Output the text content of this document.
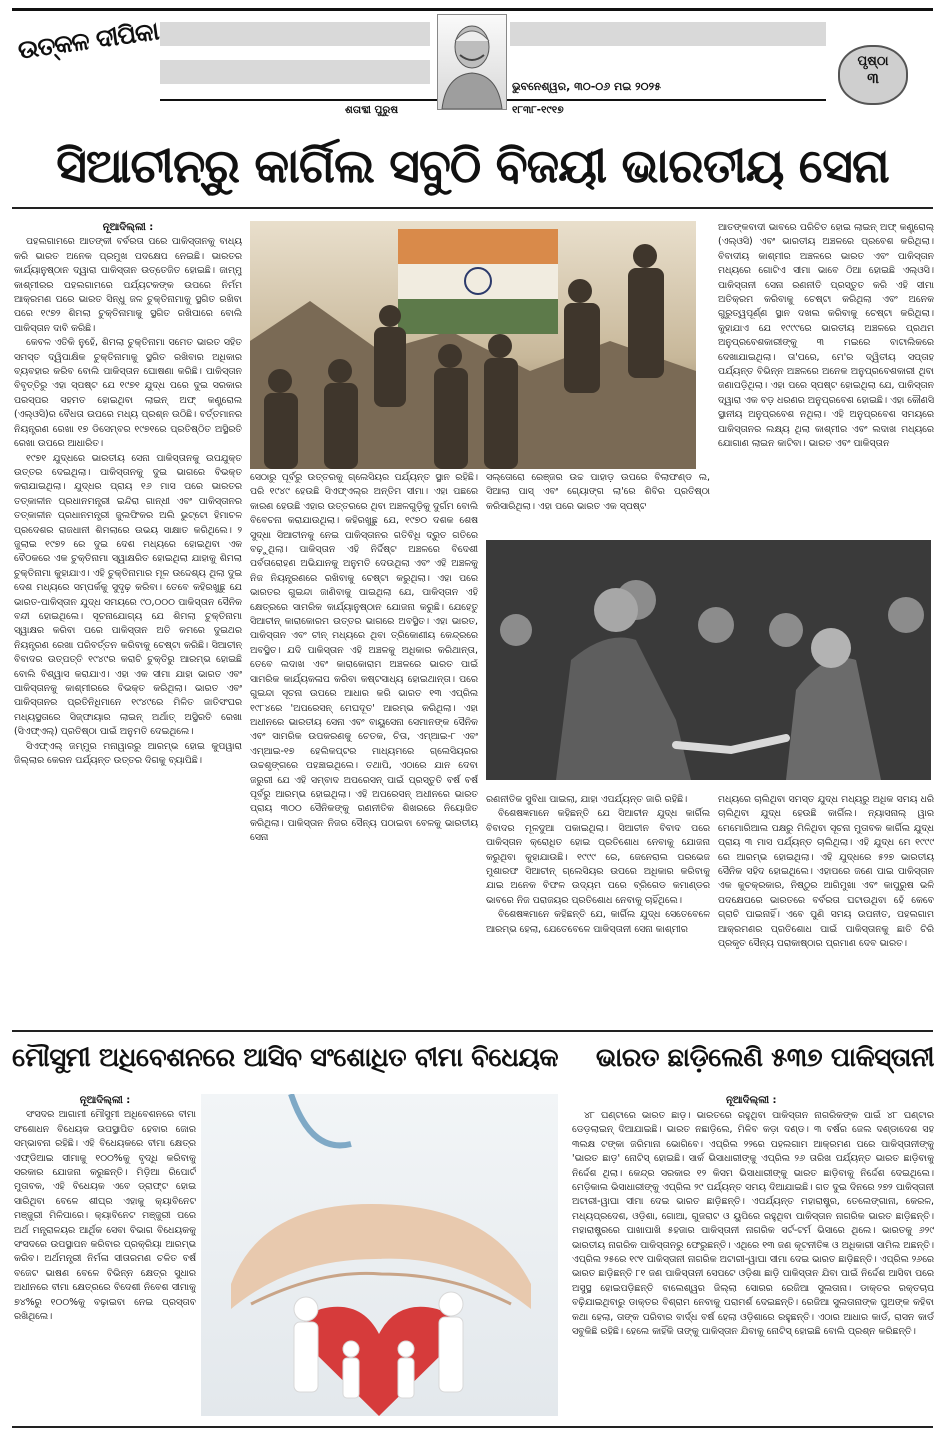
ଉତ୍କଳ ଦୀପିକା
ଭୁବନେଶ୍ୱର, ୩୦-୦୬ ମଇ ୨୦୨୫
ଶତାବ୍ଦୀ ପୁରୁଷ	୧୮୩୮-୧୯୧୭
ପୃଷ୍ଠା
୩
ସିଆଚୀନ୍‌ରୁ କାର୍ଗିଲ ସବୁଠି ବିଜୟୀ ଭାରତୀୟ ସେନା

ନୂଆଦିଲ୍ଲୀ :

ପହଲଗାମରେ ଆତଙ୍କୀ ବର୍ବରତା ପରେ ପାକିସ୍ତାନକୁ ବାଧ୍ୟ କରି ଭାରତ ଅନେକ ପ୍ରମୁଖ ପଦକ୍ଷେପ ନେଇଛି। ଭାରତର କାର୍ଯ୍ୟାନୁଷ୍ଠାନ ଦ୍ୱାରା ପାକିସ୍ତାନ ଉତ୍ତେଜିତ ହୋଇଛି। ଜାମ୍ମୁ କାଶ୍ମୀରର ପହଲଗାମରେ ପର୍ଯ୍ୟଟକଙ୍କ ଉପରେ ନିର୍ମମ ଆକ୍ରମଣ ପରେ ଭାରତ ସିନ୍ଧୁ ଜଳ ଚୁକ୍ତିନାମାକୁ ସ୍ଥଗିତ ରଖିବା ପରେ ୧୯୭୨ ଶିମଲା ଚୁକ୍ତିନାମାକୁ ସ୍ଥଗିତ ରଖିପାରେ ବୋଲି ପାକିସ୍ତାନ ଦାବି କରିଛି।

କେବଳ ଏତିକି ନୁହେଁ, ଶିମଲା ଚୁକ୍ତିନାମା ସମେତ ଭାରତ ସହିତ ସମସ୍ତ ଦ୍ୱିପାକ୍ଷିକ ଚୁକ୍ତିନାମାକୁ ସ୍ଥଗିତ ରଖିବାର ଅଧିକାର ବ୍ୟବହାର କରିବ ବୋଲି ପାକିସ୍ତାନ ଘୋଷଣା କରିଛି। ପାକିସ୍ତାନ ବିବୃତ୍ତିରୁ ଏହା ସ୍ପଷ୍ଟ ଯେ ୧୯୭୧ ଯୁଦ୍ଧ ପରେ ଦୁଇ ସରକାର ପରସ୍ପର ସହମତ ହୋଇଥିବା ଲାଇନ୍ ଅଫ୍ କଣ୍ଟ୍ରୋଲ (ଏଲ୍‌ଓସି)ର ବୈଧତା ଉପରେ ମଧ୍ୟ ପ୍ରଶ୍ନ ଉଠିଛି। ବର୍ତ୍ତମାନର ନିୟନ୍ତ୍ରଣ ରେଖା ୧୭ ଡିସେମ୍ବର ୧୯୭୧ରେ ପ୍ରତିଷ୍ଠିତ ଅସ୍ଥିରତି ରେଖା ଉପରେ ଆଧାରିତ।

୧୯୭୧ ଯୁଦ୍ଧରେ ଭାରତୀୟ ସେନା ପାକିସ୍ତାନକୁ ଉପଯୁକ୍ତ ଉତ୍ତର ଦେଇଥିଲା। ପାକିସ୍ତାନକୁ ଦୁଇ ଭାଗରେ ବିଭକ୍ତ କରାଯାଇଥିଲା। ଯୁଦ୍ଧର ପ୍ରାୟ ୧୬ ମାସ ପରେ ଭାରତର ତତ୍କାଳୀନ ପ୍ରଧାନମନ୍ତ୍ରୀ ଇନ୍ଦିରା ଗାନ୍ଧୀ ଏବଂ ପାକିସ୍ତାନର ତତ୍କାଳୀନ ପ୍ରଧାନମନ୍ତ୍ରୀ ଜୁଲଫିକର ଅଲି ଭୁଟ୍ଟୋ ହିମାଚଳ ପ୍ରଦେଶର ରାଜଧାନୀ ଶିମଲାରେ ଉଭୟ ସାକ୍ଷାତ କରିଥିଲେ। ୨ ଜୁଲାଇ ୧୯୭୨ ରେ ଦୁଇ ଦେଶ ମଧ୍ୟରେ ହୋଇଥିବା ଏକ ବୈଠକରେ ଏକ ଚୁକ୍ତିନାମା ସ୍ୱାକ୍ଷରିତ ହୋଇଥିଲା ଯାହାକୁ ଶିମଲା ଚୁକ୍ତିନାମା କୁହାଯାଏ। ଏହି ଚୁକ୍ତିନାମାର ମୂଳ ଉଦ୍ଦେଶ୍ୟ ଥିଲା ଦୁଇ ଦେଶ ମଧ୍ୟରେ ସମ୍ପର୍କକୁ ସୁଦୃଢ଼ କରିବା। ତେବେ କହିରଖୁଛୁ ଯେ ଭାରତ-ପାକିସ୍ତାନ ଯୁଦ୍ଧ ସମୟରେ ୯୦,୦୦୦ ପାକିସ୍ତାନ ସୈନିକ ବନ୍ଦୀ ହୋଇଥିଲେ। ସୂଚନାଯୋଗ୍ୟ ଯେ ଶିମଲା ଚୁକ୍ତିନାମା ସ୍ୱାକ୍ଷର କରିବା ପରେ ପାକିସ୍ତାନ ଅତି କମରେ ଦୁଇଥର ନିୟନ୍ତ୍ରଣ ରେଖା ପରିବର୍ତ୍ତନ କରିବାକୁ ଚେଷ୍ଟା କରିଛି। ସିଆଚୀନ୍ ବିବାଦର ଉତ୍ପତ୍ତି ୧୯୪୯ର କରାଚି ଚୁକ୍ତିରୁ ଆରମ୍ଭ ହୋଇଛି ବୋଲି ବିଶ୍ୱାସ କରାଯାଏ। ଏହା ଏକ ସୀମା ଯାହା ଭାରତ ଏବଂ ପାକିସ୍ତାନକୁ କାଶ୍ମୀରରେ ବିଭକ୍ତ କରିଥିଲା। ଭାରତ ଏବଂ ପାକିସ୍ତାନର ପ୍ରତିନିଧିମାନେ ୧୯୪୯ରେ ମିଳିତ ଜାତିସଂଘର ମଧ୍ୟସ୍ଥତାରେ ସିଜ୍‌ଫାୟାର ଲାଇନ୍ ଅର୍ଥାତ୍ ଅସ୍ଥିରତି ରେଖା (ସିଏଫ୍‌ଏଲ୍) ପ୍ରତିଷ୍ଠା ପାଇଁ ଅନୁମତି ଦେଇଥିଲେ।

ସିଏଫ୍‌ଏଲ୍ ଜମ୍ମୁର ମନାୱାରରୁ ଆରମ୍ଭ ହୋଇ କୁପୱାରା ଜିଲ୍ଲାର କେରନ ପର୍ଯ୍ୟନ୍ତ ଉତ୍ତର ଦିଗକୁ ବ୍ୟାପିଛି।

ସେଠାରୁ ପୂର୍ବରୁ ଉତ୍ତରକୁ ଗ୍ଲେସିୟର ପର୍ଯ୍ୟନ୍ତ ସ୍ଥାନ ରହିଛି। ପରି ୧୯୪୯ ହେଉଛି ସିଏଫ୍‌ଏଲ୍‌ର ଅନ୍ତିମ ସୀମା। ଏହା ପଛରେ କାରଣ ହେଉଛି ଏହାର ଉତ୍ତରରେ ଥିବା ଅଞ୍ଚଳଗୁଡ଼ିକୁ ଦୁର୍ଗମ ବୋଲି ବିବେଚନା କରାଯାଉଥିଲା। କହିରଖୁଛୁ ଯେ, ୧୯୭୦ ଦଶକ ଶେଷ ସୁଦ୍ଧା ସିଆଚୀନକୁ ନେଇ ପାକିସ୍ତାନର ଗତିବିଧି ଦ୍ରୁତ ଗତିରେ ବଢ଼ୁଥିଲା। ପାକିସ୍ତାନ ଏହି ନିର୍ଦ୍ଦିଷ୍ଟ ଅଞ୍ଚଳରେ ବିଦେଶୀ ପର୍ବତାରୋହଣ ଅଭିଯାନକୁ ଅନୁମତି ଦେଉଥିଲା ଏବଂ ଏହି ଅଞ୍ଚଳକୁ ନିଜ ନିୟନ୍ତ୍ରଣରେ ରଖିବାକୁ ଚେଷ୍ଟା କରୁଥିଲା। ଏହା ପରେ ଭାରତର ଗୁଇନ୍ଦା ଜାଣିବାକୁ ପାଇଥିଲା ଯେ, ପାକିସ୍ତାନ ଏହି କ୍ଷେତ୍ରରେ ସାମରିକ କାର୍ଯ୍ୟାନୁଷ୍ଠାନ ଯୋଜନା କରୁଛି। ଯେହେତୁ ସିଆଚୀନ୍ କାରାକୋରମ ଉତ୍ତର ଭାଗରେ ଅବସ୍ଥିତ। ଏହା ଭାରତ, ପାକିସ୍ତାନ ଏବଂ ଚୀନ୍ ମଧ୍ୟରେ ଥିବା ତ୍ରିକୋଣୀୟ କେନ୍ଦ୍ରରେ ଅବସ୍ଥିତ। ଯଦି ପାକିସ୍ତାନ ଏହି ଅଞ୍ଚଳକୁ ଅଧିକାର କରିଥାନ୍ତା, ତେବେ ଲଦାଖ ଏବଂ କାରାକୋରାମ ଅଞ୍ଚଳରେ ଭାରତ ପାଇଁ ସାମରିକ କାର୍ଯ୍ୟକଳାପ କରିବା କଷ୍ଟସାଧ୍ୟ ହୋଇଥାନ୍ତା। ପରେ ଗୁଇନ୍ଦା ସୂଚନା ଉପରେ ଆଧାର କରି ଭାରତ ୧୩ ଏପ୍ରିଲ ୧୯୮୪ରେ 'ଅପରେସନ୍ ମେଘଦୂତ' ଆରମ୍ଭ କରିଥିଲା। ଏହା ଅଧୀନରେ ଭାରତୀୟ ସେନା ଏବଂ ବାୟୁସେନା ସେମାନଙ୍କ ସୈନିକ ଏବଂ ସାମରିକ ଉପକରଣକୁ ଚେତକ, ଚିତା, ଏମ୍‌ଆଇ-୮ ଏବଂ ଏମ୍‌ଆଇ-୧୭ ହେଲିକପ୍ଟର ମାଧ୍ୟମରେ ଗ୍ଲେସିୟରର ଉଚ୍ଚଶୃଙ୍ଗରେ ପହଞ୍ଚାଇଥିଲେ। ତଥାପି, ଏଠାରେ ଯାନ ଦେବା ଜରୁରୀ ଯେ ଏହି ସମ୍ବାଦ ଅପରେସନ୍ ପାଇଁ ପ୍ରସ୍ତୁତି ବର୍ଷ ବର୍ଷ ପୂର୍ବରୁ ଆରମ୍ଭ ହୋଇଥିଲା। ଏହି ଅପରେସନ୍ ଅଧୀନରେ ଭାରତ ପ୍ରାୟ ୩୦୦ ସୈନିକଙ୍କୁ ରଣନୀତିକ ଶିଖରରେ ନିୟୋଜିତ କରିଥିଲା। ପାକିସ୍ତାନ ନିଜର ସୈନ୍ୟ ପଠାଇବା ବେଳକୁ ଭାରତୀୟ ସେନା

ସଲ୍‌ତୋରୋ ରେଞ୍ଜର ଉଚ୍ଚ ପାହାଡ଼ ଉପରେ ବିଲାଫଣ୍ଡ ଲ, ସିଆଲା ପାସ୍ ଏବଂ ଗ୍ୟୋଙ୍ଗ ଲା'ରେ ଶିବିର ପ୍ରତିଷ୍ଠା କରିସାରିଥିଲା। ଏହା ପରେ ଭାରତ ଏକ ସ୍ପଷ୍ଟ

ରଣନୀତିକ ସୁବିଧା ପାଇଲା, ଯାହା ଏପର୍ଯ୍ୟନ୍ତ ଜାରି ରହିଛି।

ବିଶେଷଜ୍ଞମାନେ କହିଛନ୍ତି ଯେ ସିଆଚୀନ ଯୁଦ୍ଧ କାର୍ଗିଲ ବିବାଦର ମୂଳଦୁଆ ପକାଇଥିଲା। ସିଆଚୀନ ବିବାଦ ପରେ ପାକିସ୍ତାନ କ୍ରୋଧିତ ହୋଇ ପ୍ରତିଶୋଧ ନେବାକୁ ଯୋଜନା କରୁଥିବା କୁହାଯାଉଛି। ୧୯୯୯ ରେ, ଜେନେରାଲ ପରଭେଜ ମୁଶାରଫ ସିଆଚୀନ୍ ଗ୍ଲେସିୟର ଉପରେ ଅଧିକାର କରିବାକୁ ଯାଇ ଅନେକ ବିଫଳ ଉଦ୍ୟମ ପରେ ବ୍ରିଗେଡ କମାଣ୍ଡର ଭାବରେ ନିଜ ପରାଜୟର ପ୍ରତିଶୋଧ ନେବାକୁ ଚାହିଁଥିଲେ।

ବିଶେଷଜ୍ଞମାନେ କହିଛନ୍ତି ଯେ, କାର୍ଗିଲ ଯୁଦ୍ଧ ସେତେବେଳେ ଆରମ୍ଭ ହେଲା, ଯେତେବେଳେ ପାକିସ୍ତାନୀ ସେନା କାଶ୍ମୀର

ଆତଙ୍କବାଦୀ ଭାବରେ ପରିଚିତ ହୋଇ ଲାଇନ୍ ଅଫ୍ କଣ୍ଟ୍ରୋଲ୍ (ଏଲ୍‌ଓସି) ଏବଂ ଭାରତୀୟ ଅଞ୍ଚଳରେ ପ୍ରବେଶ କରିଥିଲା। ବିବାଦୀୟ କାଶ୍ମୀର ଅଞ୍ଚଳରେ ଭାରତ ଏବଂ ପାକିସ୍ତାନ ମଧ୍ୟରେ ଗୋଟିଏ ସୀମା ଭାବେ ଠିଆ ହୋଇଛି ଏଲ୍‌ଓସି। ପାକିସ୍ତାନୀ ସେନା ରଣନୀତି ପ୍ରସ୍ତୁତ କରି ଏହି ସୀମା ଅତିକ୍ରମ କରିବାକୁ ଚେଷ୍ଟା କରିଥିଲା ଏବଂ ଅନେକ ଗୁରୁତ୍ୱପୂର୍ଣ୍ଣ ସ୍ଥାନ ଦଖଲ କରିବାକୁ ଚେଷ୍ଟା କରିଥିଲା। କୁହାଯାଏ ଯେ ୧୯୯୯ରେ ଭାରତୀୟ ଅଞ୍ଚଳରେ ପ୍ରଥମ ଅନୁପ୍ରବେଶକାରୀଙ୍କୁ ୩ ମଇରେ ବାଟାଲିକରେ ଦେଖାଯାଇଥିଲା। ତା'ପରେ, ମେ'ର ଦ୍ୱିତୀୟ ସପ୍ତାହ ପର୍ଯ୍ୟନ୍ତ ବିଭିନ୍ନ ଅଞ୍ଚଳରେ ଅନେକ ଅନୁପ୍ରବେଶକାରୀ ଥିବା ଜଣାପଡ଼ିଥିଲା। ଏହା ପରେ ସ୍ପଷ୍ଟ ହୋଇଥିଲା ଯେ, ପାକିସ୍ତାନ ଦ୍ୱାରା ଏକ ବଡ଼ ଧରଣର ଅନୁପ୍ରବେଶ ହୋଇଛି। ଏହା କୌଣସି ସ୍ଥାନୀୟ ଅନୁପ୍ରବେଶ ନଥିଲା। ଏହି ଅନୁପ୍ରବେଶ ସମୟରେ ପାକିସ୍ତାନର ଲକ୍ଷ୍ୟ ଥିଲା କାଶ୍ମୀର ଏବଂ ଲଦାଖ ମଧ୍ୟରେ ଯୋଗାଣ ଲାଇନ କାଟିବା। ଭାରତ ଏବଂ ପାକିସ୍ତାନ

ମଧ୍ୟରେ ଚାଲିଥିବା ସମସ୍ତ ଯୁଦ୍ଧ ମଧ୍ୟରୁ ଅଧିକ ସମୟ ଧରି ଚାଲିଥିବା ଯୁଦ୍ଧ ହେଉଛି କାର୍ଗିଲ। ନ୍ୟାସନାଲ୍ ୱାର ମେମୋରିଆଲ ପକ୍ଷରୁ ମିଳିଥିବା ସୂଚନା ମୁତାବକ କାର୍ଗିଲ ଯୁଦ୍ଧ ପ୍ରାୟ ୩ ମାସ ପର୍ଯ୍ୟନ୍ତ ଚାଲିଥିଲା। ଏହି ଯୁଦ୍ଧ ମେ ୧୯୯୯ ରେ ଆରମ୍ଭ ହୋଇଥିଲା। ଏହି ଯୁଦ୍ଧରେ ୫୨୭ ଭାରତୀୟ ସୈନିକ ସହିଦ ହୋଇଥିଲେ। ଏହାପରେ ଜଣେ ପାଇ ପାକିସ୍ତାନ ଏକ କୁଚକ୍ରକାର, ନିଷ୍ଠୁର ଆଗିମୁଖା ଏବଂ କାପୁରୁଷ ଭଳି ପଦକ୍ଷେପରେ ଭାରତରେ ବର୍ବରତା ଘଟାଉଥିବା ହେଁ କେବେ ଗ୍ରାଚି ପାଇନାହିଁ। ଏବେ ପୁଣି ସମୟ ଉପନୀତ, ପହଲଗାମ ଆକ୍ରମଣର ପ୍ରତିଶୋଧ ପାଇଁ ପାକିସ୍ତାନକୁ ଛାତି ଚିରି ପ୍ରକୃତ ସୈନ୍ୟ ପରାକାଷ୍ଠାର ପ୍ରମାଣ ଦେବ ଭାରତ।

ମୌସୁମୀ ଅଧିବେଶନରେ ଆସିବ ସଂଶୋଧିତ ବୀମା ବିଧେୟକ	ଭାରତ ଛାଡ଼ିଲେଣି ୫୩୭ ପାକିସ୍ତାନୀ

ନୂଆଦିଲ୍ଲୀ :

ସଂସଦର ଆଗାମୀ ମୌସୁମୀ ଅଧିବେଶନରେ ବୀମା ସଂଶୋଧନ ବିଧେୟକ ଉପସ୍ଥାପିତ ହେବାର ଜୋର ସମ୍ଭାବନା ରହିଛି। ଏହି ବିଧେୟକରେ ବୀମା କ୍ଷେତ୍ର ଏଫ୍‌ଡିଆଇ ସୀମାକୁ ୧୦୦%କୁ ବୃଦ୍ଧି କରିବାକୁ ସରକାର ଯୋଜନା କରୁଛନ୍ତି। ମିଡ଼ିଆ ରିପୋର୍ଟ ମୁତାବକ, ଏହି ବିଧେୟକ ଏବେ ଡ୍ରାଫ୍ଟ ହୋଇ ସାରିଥିବା ବେଳେ ଶୀଘ୍ର ଏହାକୁ କ୍ୟାବିନେଟ ମଞ୍ଜୁରୀ ମିଳିପାରେ। କ୍ୟାବିନେଟ ମଞ୍ଜୁରୀ ପରେ ଅର୍ଥ ମନ୍ତ୍ରାଳୟର ଆର୍ଥିକ ସେବା ବିଭାଗ ବିଧେୟକକୁ ସଂସଦରେ ଉପସ୍ଥାପନ କରିବାର ପ୍ରକ୍ରିୟା ଆରମ୍ଭ କରିବ। ଅର୍ଥମନ୍ତ୍ରୀ ନିର୍ମଳା ସୀତାରମଣ ଚଳିତ ବର୍ଷ ବଜେଟ ଭାଷଣ ବେଳେ ବିଭିନ୍ନ କ୍ଷେତ୍ର ସୁଧାର ଅଧୀନରେ ବୀମା କ୍ଷେତ୍ରରେ ବିଦେଶୀ ନିବେଶ ସୀମାକୁ ୭୪%ରୁ ୧୦୦%କୁ ବଢ଼ାଇବା ନେଇ ପ୍ରସ୍ତାବ ରଖିଥିଲେ।

ନୂଆଦିଲ୍ଲୀ :

୪୮ ଘଣ୍ଟାରେ ଭାରତ ଛାଡ଼। ଭାରତରେ ରହୁଥିବା ପାକିସ୍ତାନ ନାଗରିକଙ୍କ ପାଇଁ ୪୮ ଘଣ୍ଟାର ଡେଡ଼ଲାଇନ୍ ଦିଆଯାଇଛି। ଭାରତ ନଛାଡ଼ିଲେ, ମିଳିବ କଡ଼ା ଦଣ୍ଡ। ୩ ବର୍ଷର ଜେଲ ଦଣ୍ଡାଦେଶ ସହ ୩ଲକ୍ଷ ଟଙ୍କା ଜରିମାନା ଭୋଗିବେ। ଏପ୍ରିଲ ୨୨ରେ ପହଲଗାମ ଆକ୍ରମଣ ପରେ ପାକିସ୍ତାନୀଙ୍କୁ 'ଭାରତ ଛାଡ଼' ନୋଟିସ୍ ହୋଇଛି। ସାର୍କ ଭିସାଧାରୀଙ୍କୁ ଏପ୍ରିଲ ୨୬ ତାରିଖ ପର୍ଯ୍ୟନ୍ତ ଭାରତ ଛାଡ଼ିବାକୁ ନିର୍ଦ୍ଦେଶ ଥିଲା। କେନ୍ଦ୍ର ସରକାର ୧୨ କିସମ ଭିସାଧାରୀଙ୍କୁ ଭାରତ ଛାଡ଼ିବାକୁ ନିର୍ଦ୍ଦେଶ ଦେଇଥିଲେ। ମେଡ଼ିକାଲ ଭିସାଧାରୀଙ୍କୁ ଏପ୍ରିଲ ୨୯ ପର୍ଯ୍ୟନ୍ତ ସମୟ ଦିଆଯାଇଛି। ଗତ ଦୁଇ ଦିନରେ ୨୭୨ ପାକିସ୍ତାନୀ ଅଟାରୀ-ୱାଘା ସୀମା ଦେଇ ଭାରତ ଛାଡ଼ିଛନ୍ତି। ଏପର୍ଯ୍ୟନ୍ତ ମହାରାଷ୍ଟ୍ର, ତେଲେଙ୍ଗାନା, କେରଳ, ମଧ୍ୟପ୍ରଦେଶ, ଓଡ଼ିଶା, ଗୋଆ, ଗୁଜରାଟ ଓ ୟୁପିରେ ରହୁଥିବା ପାକିସ୍ତାନ ନାଗରିକ ଭାରତ ଛାଡ଼ିଛନ୍ତି। ମହାରାଷ୍ଟ୍ରରେ ପାଖାପାଖି ୫ହଜାର ପାକିସ୍ତାନୀ ନାଗରିକ ସର୍ଟ-ଟର୍ମ ଭିସାରେ ଥିଲେ। ଭାରତକୁ ୬୨୯ ଭାରତୀୟ ନାଗରିକ ପାକିସ୍ତାନରୁ ଫେରୁଛନ୍ତି। ଏଥିରେ ୧୩ ଜଣ କୂଟନୀତିଜ୍ଞ ଓ ଅଧିକାରୀ ସାମିଲ ଅଛନ୍ତି। ଏପ୍ରିଲ ୨୫ରେ ୧୯୧ ପାକିସ୍ତାନୀ ନାଗରିକ ଅଟାରୀ-ୱାଘା ସୀମା ଦେଇ ଭାରତ ଛାଡ଼ିଛନ୍ତି। ଏପ୍ରିଲ ୨୬ରେ ଭାରତ ଛାଡ଼ିଛନ୍ତି ୮୧ ଜଣ ପାକିସ୍ତାନୀ ସେପଟେ ଓଡ଼ିଶା ଛାଡ଼ି ପାକିସ୍ତାନ ଯିବା ପାଇଁ ନିର୍ଦ୍ଦେଶ ଆସିବା ପରେ ଅସୁସ୍ଥ ହୋଇପଡ଼ିଛନ୍ତି ବାଲେଶ୍ୱର ଜିଲ୍ଲା ସୋରର ରେଜିଆ ସୁଲତାନା। ଡାକ୍ତର ରକ୍ତଚାପ ବଢ଼ିଯାଇଥିବାରୁ ଡାକ୍ତର ବିଶ୍ରାମ ନେବାକୁ ପରାମର୍ଶ ଦେଇଛନ୍ତି। ରେଜିଆ ସୁଲତାନାଙ୍କ ପୁଅଙ୍କ କହିବା କଥା ହେଲା, ତାଙ୍କ ପରିବାର ବାର୍ଦ୍ଧ ବର୍ଷ ହେଲା ଓଡ଼ିଶାରେ ରହୁଛନ୍ତି। ଏଠାର ଆଧାର କାର୍ଡ, ରାସନ କାର୍ଡ ସବୁକିଛି ରହିଛି। ହେଲେ କାହିଁକି ତାଙ୍କୁ ପାକିସ୍ତାନ ଯିବାକୁ ନୋଟିସ୍ ହୋଇଛି ବୋଲି ପ୍ରଶ୍ନ କରିଛନ୍ତି।
